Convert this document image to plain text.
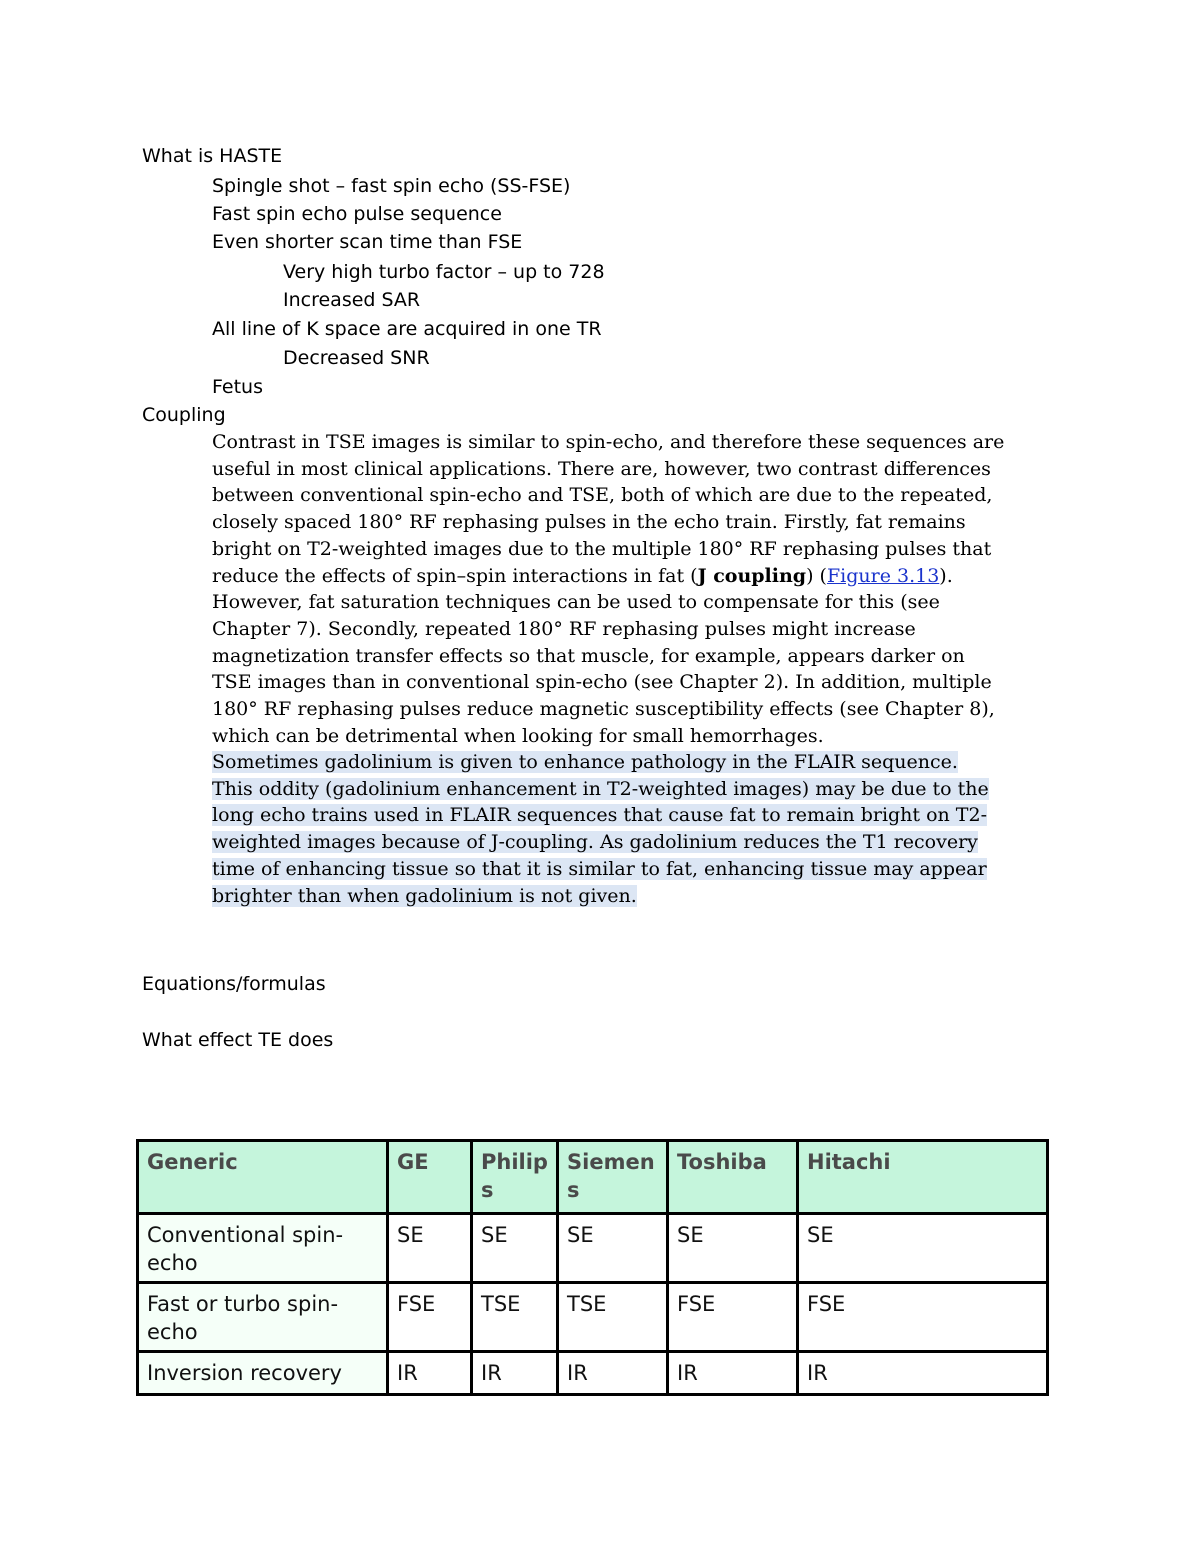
What is HASTE
Spingle shot – fast spin echo (SS-FSE)
Fast spin echo pulse sequence
Even shorter scan time than FSE
Very high turbo factor – up to 728
Increased SAR
All line of K space are acquired in one TR
Decreased SNR
Fetus
Coupling
Contrast in TSE images is similar to spin-echo, and therefore these sequences are
useful in most clinical applications. There are, however, two contrast differences
between conventional spin-echo and TSE, both of which are due to the repeated,
closely spaced 180° RF rephasing pulses in the echo train. Firstly, fat remains
bright on T2-weighted images due to the multiple 180° RF rephasing pulses that
reduce the effects of spin–spin interactions in fat (J coupling) (Figure 3.13).
However, fat saturation techniques can be used to compensate for this (see
Chapter 7). Secondly, repeated 180° RF rephasing pulses might increase
magnetization transfer effects so that muscle, for example, appears darker on
TSE images than in conventional spin-echo (see Chapter 2). In addition, multiple
180° RF rephasing pulses reduce magnetic susceptibility effects (see Chapter 8),
which can be detrimental when looking for small hemorrhages.
Sometimes gadolinium is given to enhance pathology in the FLAIR sequence.
This oddity (gadolinium enhancement in T2-weighted images) may be due to the
long echo trains used in FLAIR sequences that cause fat to remain bright on T2-
weighted images because of J-coupling. As gadolinium reduces the T1 recovery
time of enhancing tissue so that it is similar to fat, enhancing tissue may appear
brighter than when gadolinium is not given.
Equations/formulas
What effect TE does
Generic	GE	Philips	Siemens	Toshiba	Hitachi
Conventional spin-echo	SE	SE	SE	SE	SE
Fast or turbo spin-echo	FSE	TSE	TSE	FSE	FSE
Inversion recovery	IR	IR	IR	IR	IR
